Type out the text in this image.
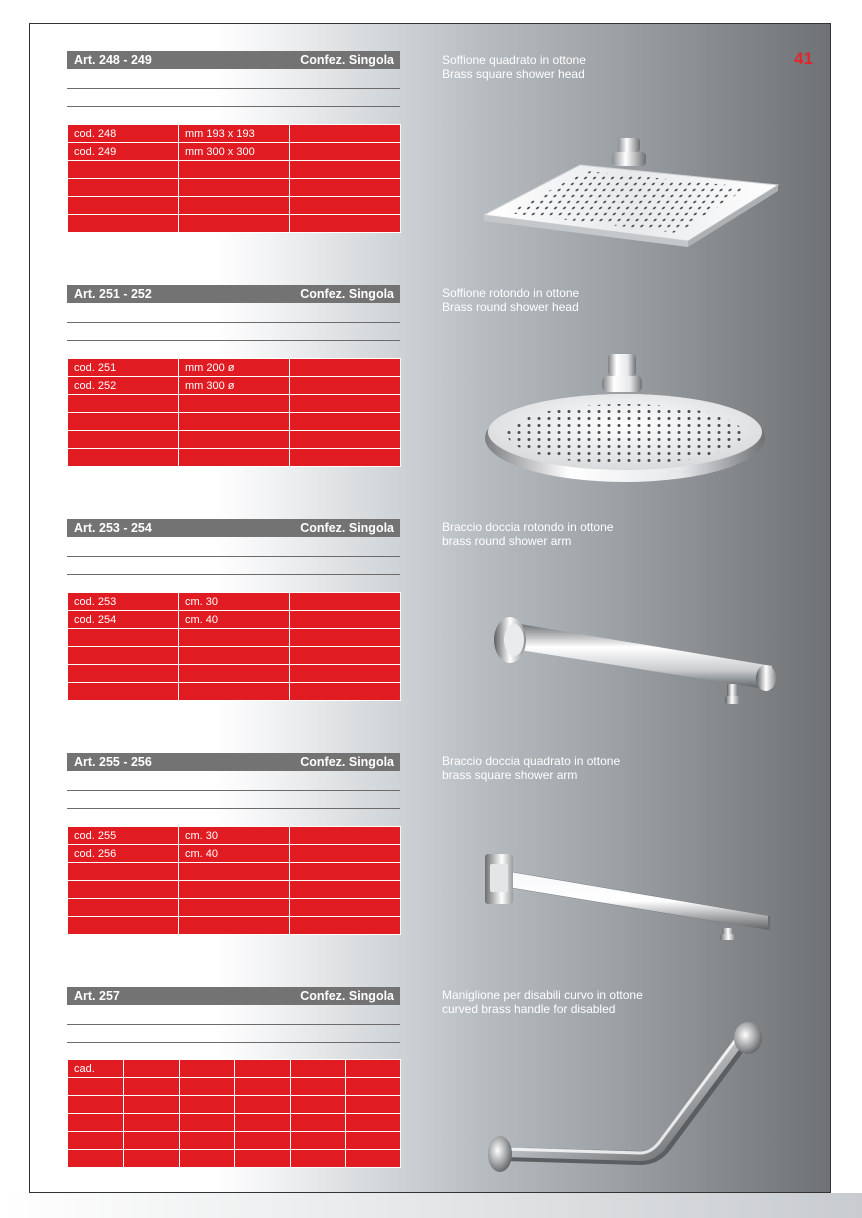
41
Art. 248 - 249	Confez. Singola
cod. 248	mm 193 x 193	
cod. 249	mm 300 x 300	

Soffione quadrato in ottone
Brass square shower head
Art. 251 - 252	Confez. Singola
cod. 251	mm 200 ø	
cod. 252	mm 300 ø	

Soffione rotondo in ottone
Brass round shower head
Art. 253 - 254	Confez. Singola
cod. 253	cm. 30	
cod. 254	cm. 40	

Braccio doccia rotondo in ottone
brass round shower arm
Art. 255 - 256	Confez. Singola
cod. 255	cm. 30	
cod. 256	cm. 40	

Braccio doccia quadrato in ottone
brass square shower arm
Art. 257	Confez. Singola
cad.					

Maniglione per disabili curvo in ottone
curved brass handle for disabled
